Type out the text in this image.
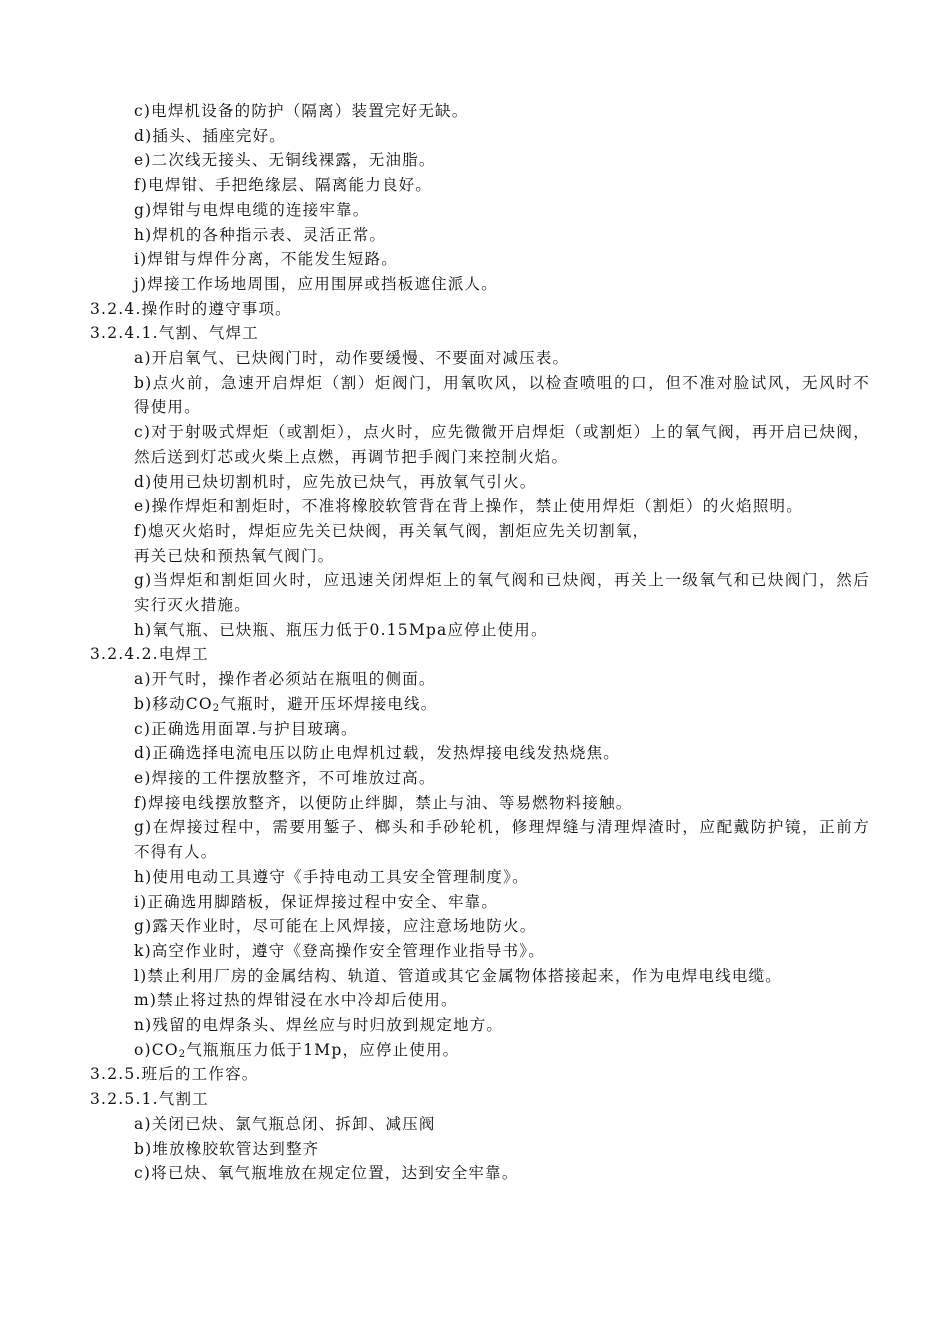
c)电焊机设备的防护（隔离）装置完好无缺。
d)插头、插座完好。
e)二次线无接头、无铜线裸露，无油脂。
f)电焊钳、手把绝缘层、隔离能力良好。
g)焊钳与电焊电缆的连接牢靠。
h)焊机的各种指示表、灵活正常。
i)焊钳与焊件分离，不能发生短路。
j)焊接工作场地周围，应用围屏或挡板遮住派人。
3.2.4.操作时的遵守事项。
3.2.4.1.气割、气焊工
a)开启氧气、已炔阀门时，动作要缓慢、不要面对减压表。
b)点火前，急速开启焊炬（割）炬阀门，用氧吹风，以检查喷咀的口，但不准对脸试风，无风时不得使用。
c)对于射吸式焊炬（或割炬），点火时，应先微微开启焊炬（或割炬）上的氧气阀，再开启已炔阀，然后送到灯芯或火柴上点燃，再调节把手阀门来控制火焰。
d)使用已炔切割机时，应先放已炔气，再放氧气引火。
e)操作焊炬和割炬时，不准将橡胶软管背在背上操作，禁止使用焊炬（割炬）的火焰照明。
f)熄灭火焰时，焊炬应先关已炔阀，再关氧气阀，割炬应先关切割氧，
再关已炔和预热氧气阀门。
g)当焊炬和割炬回火时，应迅速关闭焊炬上的氧气阀和已炔阀，再关上一级氧气和已炔阀门，然后实行灭火措施。
h)氧气瓶、已炔瓶、瓶压力低于0.15Mpa应停止使用。
3.2.4.2.电焊工
a)开气时，操作者必须站在瓶咀的侧面。
b)移动$CO_2$气瓶时，避开压坏焊接电线。
c)正确选用面罩.与护目玻璃。
d)正确选择电流电压以防止电焊机过载，发热焊接电线发热烧焦。
e)焊接的工件摆放整齐，不可堆放过高。
f)焊接电线摆放整齐，以便防止绊脚，禁止与油、等易燃物料接触。
g)在焊接过程中，需要用錾子、榔头和手砂轮机，修理焊缝与清理焊渣时，应配戴防护镜，正前方不得有人。
h)使用电动工具遵守《手持电动工具安全管理制度》。
i)正确选用脚踏板，保证焊接过程中安全、牢靠。
g)露天作业时，尽可能在上风焊接，应注意场地防火。
k)高空作业时，遵守《登高操作安全管理作业指导书》。
l)禁止利用厂房的金属结构、轨道、管道或其它金属物体搭接起来，作为电焊电线电缆。
m)禁止将过热的焊钳浸在水中冷却后使用。
n)残留的电焊条头、焊丝应与时归放到规定地方。
$o)CO_2$气瓶瓶压力低于1Mp，应停止使用。
3.2.5.班后的工作容。
3.2.5.1.气割工
a)关闭已炔、氯气瓶总闭、拆卸、减压阀
b)堆放橡胶软管达到整齐
c)将已炔、氧气瓶堆放在规定位置，达到安全牢靠。
